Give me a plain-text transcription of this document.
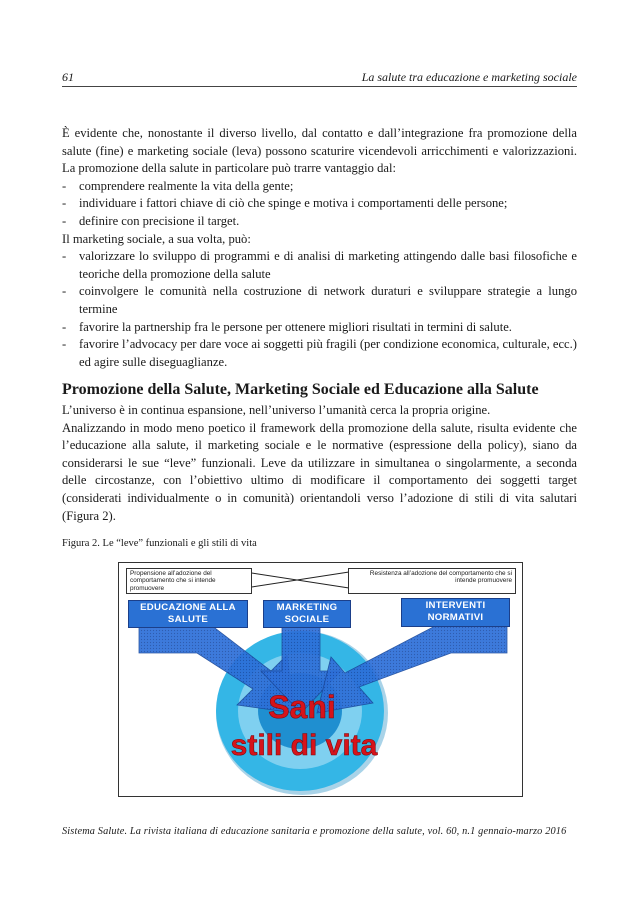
61	La salute tra educazione e marketing sociale

È evidente che, nonostante il diverso livello, dal contatto e dall’integrazione fra promozione della salute (fine) e marketing sociale (leva) possono scaturire vicendevoli arricchimenti e valorizzazioni. La promozione della salute in particolare può trarre vantaggio dal:

- comprendere realmente la vita della gente;
- individuare i fattori chiave di ciò che spinge e motiva i comportamenti delle persone;
- definire con precisione il target.

Il marketing sociale, a sua volta, può:

- valorizzare lo sviluppo di programmi e di analisi di marketing attingendo dalle basi filosofiche e teoriche della promozione della salute
- coinvolgere le comunità nella costruzione di network duraturi e sviluppare strategie a lungo termine
- favorire la partnership fra le persone per ottenere migliori risultati in termini di salute.
- favorire l’advocacy per dare voce ai soggetti più fragili (per condizione economica, culturale, ecc.) ed agire sulle diseguaglianze.
Promozione della Salute, Marketing Sociale ed Educazione alla Salute

L’universo è in continua espansione, nell’universo l’umanità cerca la propria origine.

Analizzando in modo meno poetico il framework della promozione della salute, risulta evidente che l’educazione alla salute, il marketing sociale e le normative (espressione della policy), siano da considerarsi le sue “leve” funzionali. Leve da utilizzare in simultanea o singolarmente, a seconda delle circostanze, con l’obiettivo ultimo di modificare il comportamento dei soggetti target (considerati individualmente o in comunità) orientandoli verso l’adozione di stili di vita salutari (Figura 2).

Figura 2. Le “leve” funzionali e gli stili di vita
Sani
stili di vita
Propensione all’adozione del comportamento che si intende promuovere
Resistenza all’adozione del comportamento che si intende promuovere
EDUCAZIONE ALLA SALUTE
MARKETING SOCIALE
INTERVENTI NORMATIVI
Sistema Salute. La rivista italiana di educazione sanitaria e promozione della salute, vol. 60, n.1 gennaio-marzo 2016
